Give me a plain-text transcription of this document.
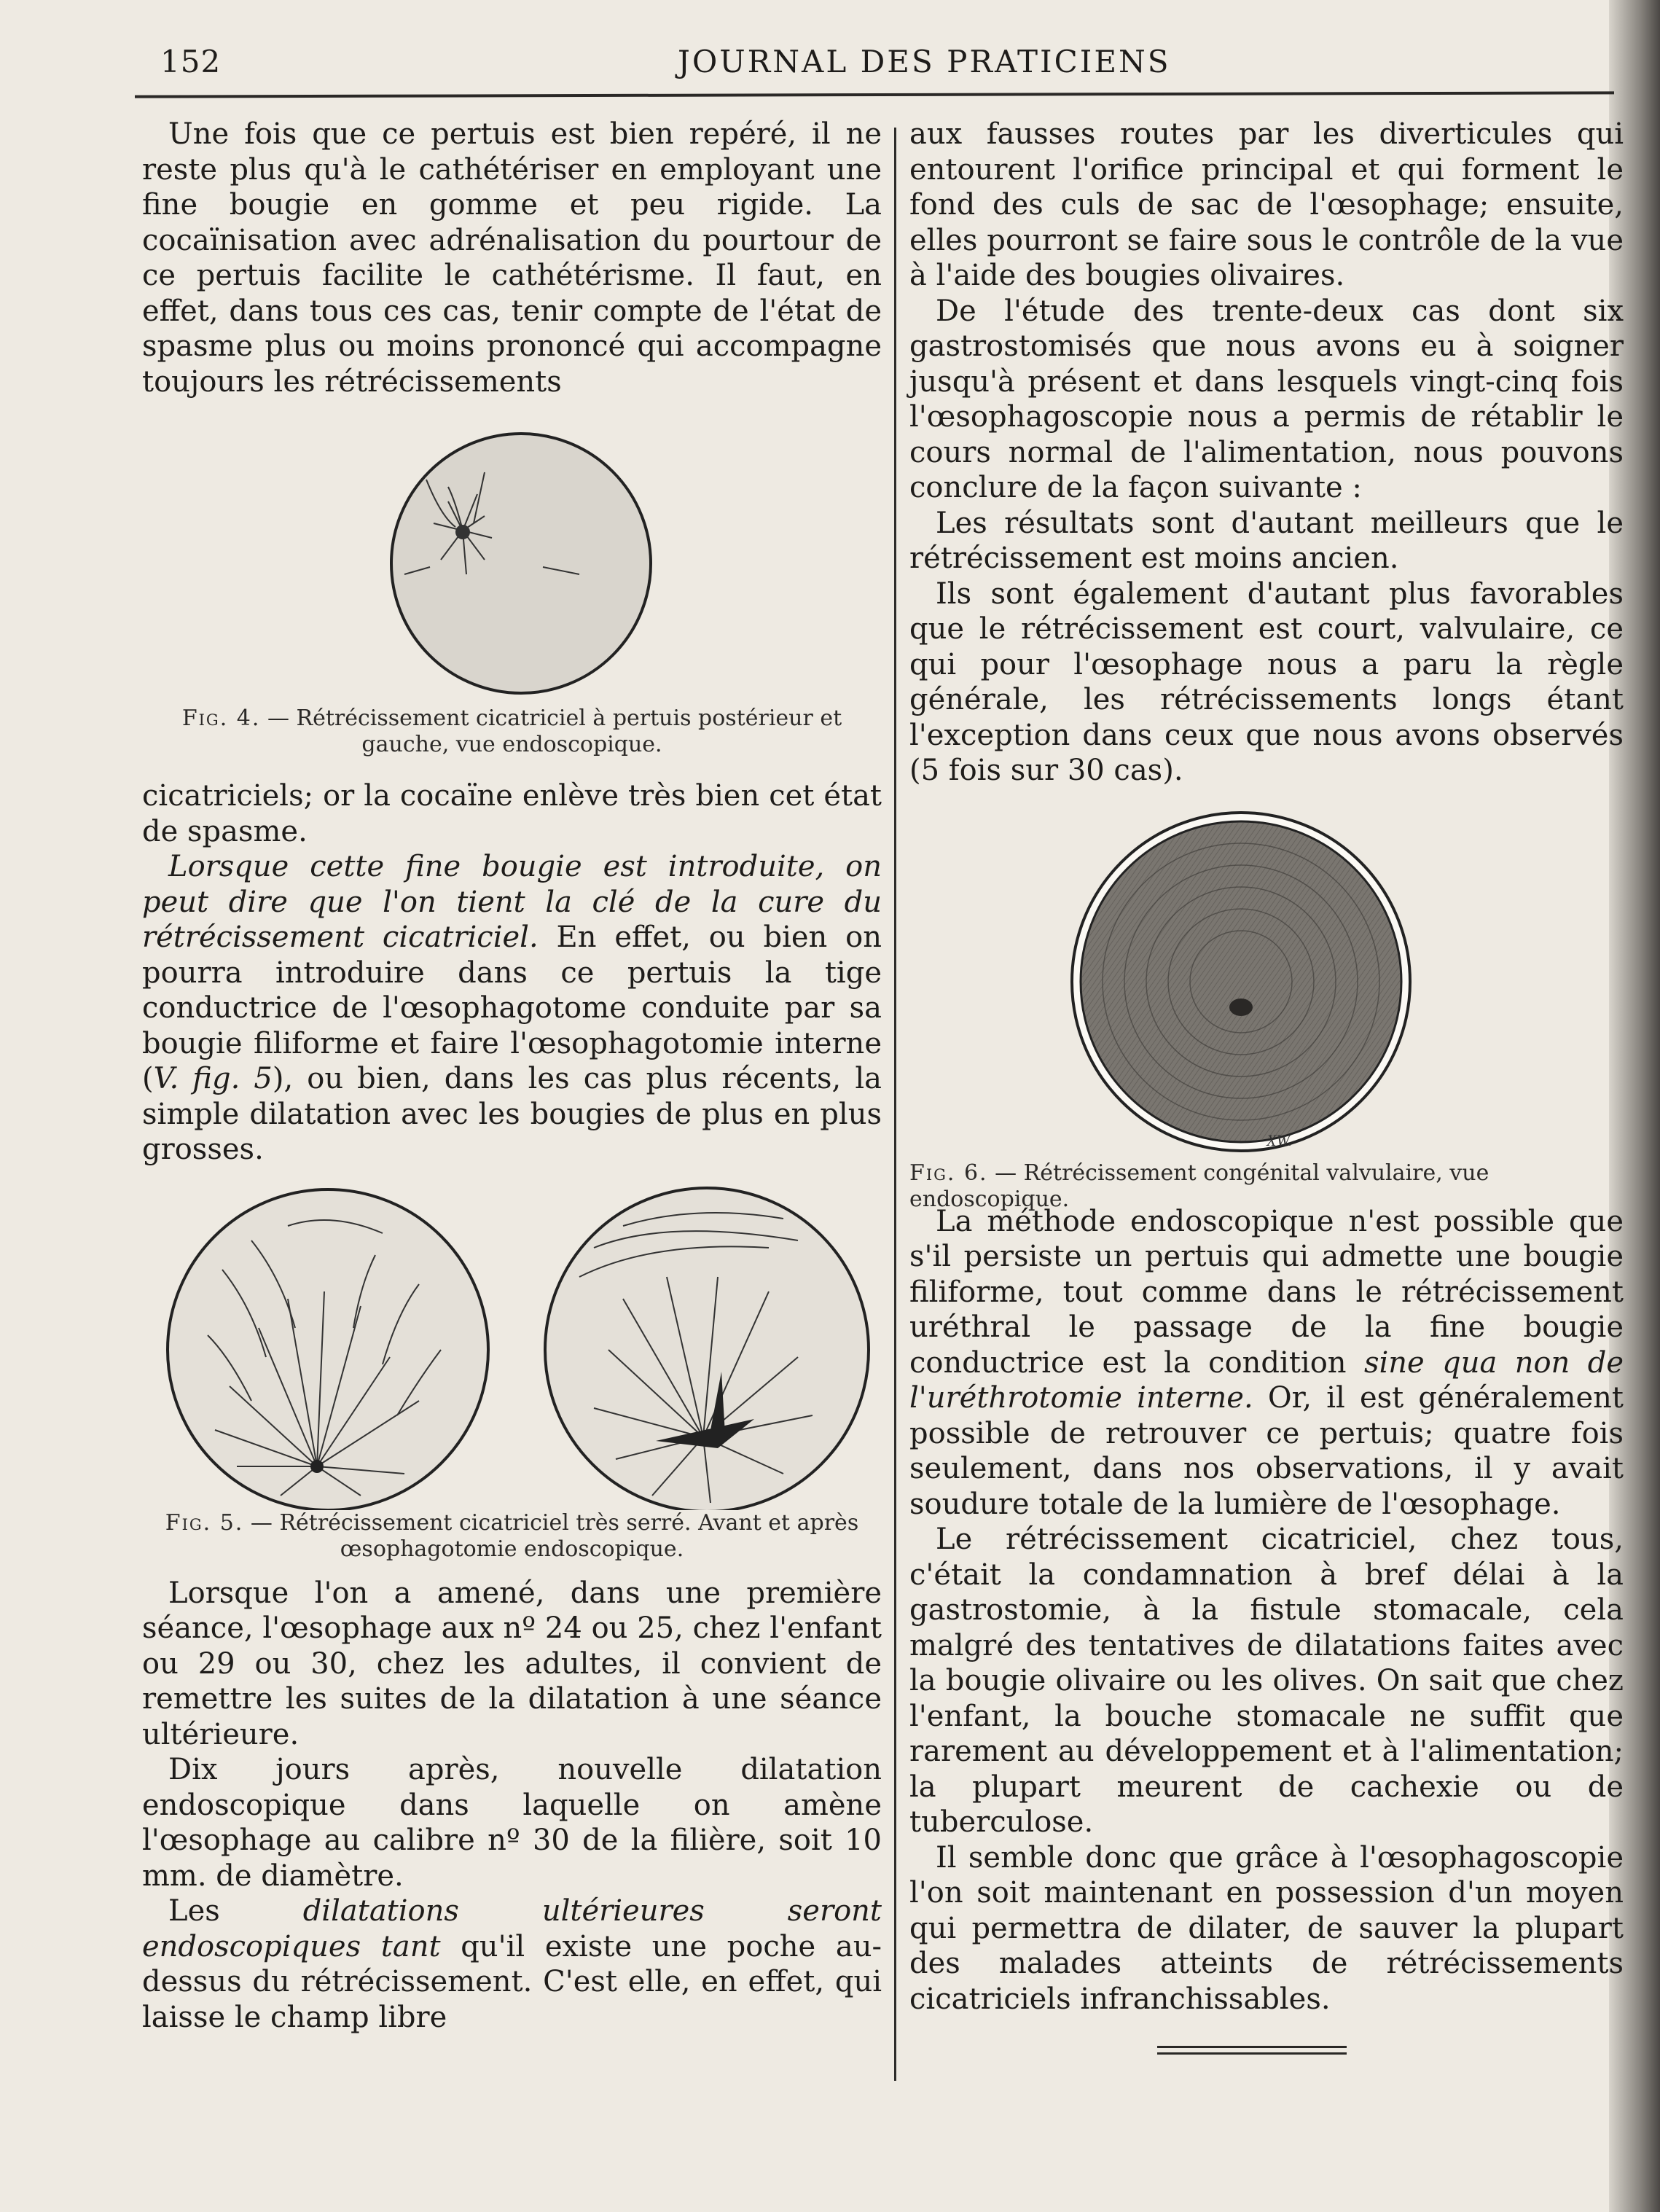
152	JOURNAL DES PRATICIENS

Une fois que ce pertuis est bien repéré, il ne reste plus qu'à le cathétériser en employant une fine bougie en gomme et peu rigide. La cocaïnisation avec adrénalisation du pourtour de ce pertuis facilite le cathétérisme. Il faut, en effet, dans tous ces cas, tenir compte de l'état de spasme plus ou moins prononcé qui accompagne toujours les rétrécissements

Fig. 4. — Rétrécissement cicatriciel à pertuis postérieur et gauche, vue endoscopique.

cicatriciels; or la cocaïne enlève très bien cet état de spasme.

Lorsque cette fine bougie est introduite, on peut dire que l'on tient la clé de la cure du rétrécissement cicatriciel. En effet, ou bien on pourra introduire dans ce pertuis la tige conductrice de l'œsophagotome conduite par sa bougie filiforme et faire l'œsophagotomie interne (V. fig. 5), ou bien, dans les cas plus récents, la simple dilatation avec les bougies de plus en plus grosses.

Fig. 5. — Rétrécissement cicatriciel très serré. Avant et après œsophagotomie endoscopique.

Lorsque l'on a amené, dans une première séance, l'œsophage aux nº 24 ou 25, chez l'enfant ou 29 ou 30, chez les adultes, il convient de remettre les suites de la dilatation à une séance ultérieure.

Dix jours après, nouvelle dilatation endoscopique dans laquelle on amène l'œsophage au calibre nº 30 de la filière, soit 10 mm. de diamètre.

Les dilatations ultérieures seront endoscopiques tant qu'il existe une poche au-dessus du rétrécissement. C'est elle, en effet, qui laisse le champ libre

aux fausses routes par les diverticules qui entourent l'orifice principal et qui forment le fond des culs de sac de l'œsophage; ensuite, elles pourront se faire sous le contrôle de la vue à l'aide des bougies olivaires.

De l'étude des trente-deux cas dont six gastrostomisés que nous avons eu à soigner jusqu'à présent et dans lesquels vingt-cinq fois l'œsophagoscopie nous a permis de rétablir le cours normal de l'alimentation, nous pouvons conclure de la façon suivante :

Les résultats sont d'autant meilleurs que le rétrécissement est moins ancien.

Ils sont également d'autant plus favorables que le rétrécissement est court, valvulaire, ce qui pour l'œsophage nous a paru la règle générale, les rétrécissements longs étant l'exception dans ceux que nous avons observés (5 fois sur 30 cas).

XW.
Fig. 6. — Rétrécissement congénital valvulaire, vue endoscopique.

La méthode endoscopique n'est possible que s'il persiste un pertuis qui admette une bougie filiforme, tout comme dans le rétrécissement uréthral le passage de la fine bougie conductrice est la condition sine qua non de l'uréthrotomie interne. Or, il est généralement possible de retrouver ce pertuis; quatre fois seulement, dans nos observations, il y avait soudure totale de la lumière de l'œsophage.

Le rétrécissement cicatriciel, chez tous, c'était la condamnation à bref délai à la gastrostomie, à la fistule stomacale, cela malgré des tentatives de dilatations faites avec la bougie olivaire ou les olives. On sait que chez l'enfant, la bouche stomacale ne suffit que rarement au développement et à l'alimentation; la plupart meurent de cachexie ou de tuberculose.

Il semble donc que grâce à l'œsophagoscopie l'on soit maintenant en possession d'un moyen qui permettra de dilater, de sauver la plupart des malades atteints de rétrécissements cicatriciels infranchissables.
